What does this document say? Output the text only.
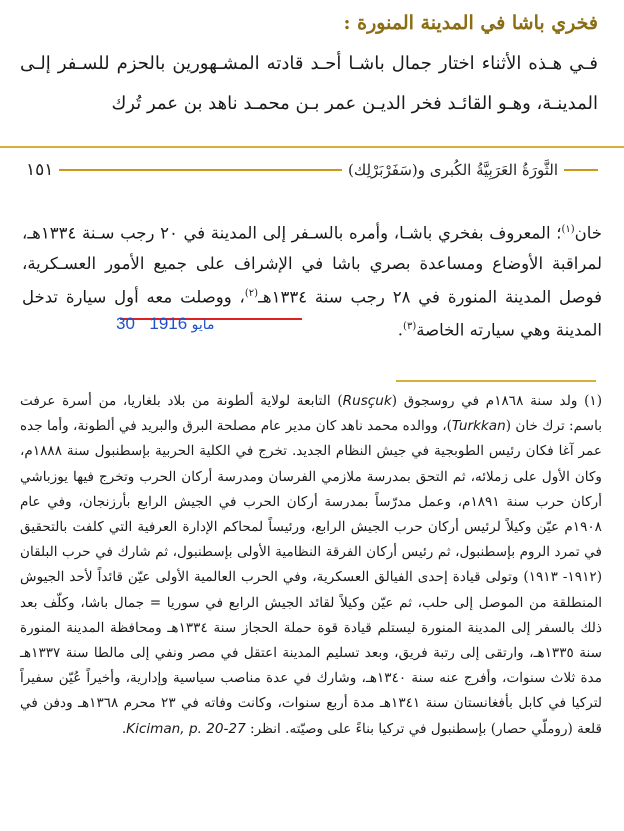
فخري باشا في المدينة المنورة :

فـي هـذه الأثناء اختار جمال باشـا أحـد قادته المشـهورين بالحزم للسـفر إلـى المدينـة، وهـو القائـد فخر الديـن عمر بـن محمـد ناهد بن عمر تُرك

الثَّورَةُ العَرَبِيَّةُ الكُبرى و(سَفَرْبَرْلِك)
١٥١

خان$^{(١)}$؛ المعروف بفخري باشـا، وأمره بالسـفر إلى المدينة في ٢٠ رجب سـنة ١٣٣٤هـ، لمراقبة الأوضاع ومساعدة بصري باشا في الإشراف على جميع الأمور العسـكرية، فوصل المدينة المنورة في ٢٨ رجب سنة ١٣٣٤هـ$^{(٢)}$، ووصلت معه أول سيارة تدخل المدينة وهي سيارته الخاصة$^{(٣)}$.

30	مايو 1916

(١) ولد سنة ١٨٦٨م في روسجوق (Rusçuk) التابعة لولاية ألطونة من بلاد بلغاريا، من أسرة عرفت باسم: ترك خان (Turkkan)، ووالده محمد ناهد كان مدير عام مصلحة البرق والبريد في ألطونة، وأما جده عمر آغا فكان رئيس الطوبجية في جيش النظام الجديد. تخرج في الكلية الحربية بإسطنبول سنة ١٨٨٨م، وكان الأول على زملائه، ثم التحق بمدرسة ملازمي الفرسان ومدرسة أركان الحرب وتخرج فيها يوزباشي أركان حرب سنة ١٨٩١م، وعمل مدرّساً بمدرسة أركان الحرب في الجيش الرابع بأرزنجان، وفي عام ١٩٠٨م عيّن وكيلاً لرئيس أركان حرب الجيش الرابع، ورئيساً لمحاكم الإدارة العرفية التي كلفت بالتحقيق في تمرد الروم بإسطنبول، ثم رئيس أركان الفرقة النظامية الأولى بإسطنبول، ثم شارك في حرب البلقان (١٩١٢- ١٩١٣) وتولى قيادة إحدى الفيالق العسكرية، وفي الحرب العالمية الأولى عيّن قائداً لأحد الجيوش المنطلقة من الموصل إلى حلب، ثم عيّن وكيلاً لقائد الجيش الرابع في سوريا = جمال باشا، وكلّف بعد ذلك بالسفر إلى المدينة المنورة ليستلم قيادة قوة حملة الحجاز سنة ١٣٣٤هـ ومحافظة المدينة المنورة سنة ١٣٣٥هـ، وارتقى إلى رتبة فريق، وبعد تسليم المدينة اعتقل في مصر ونفي إلى مالطا سنة ١٣٣٧هـ مدة ثلاث سنوات، وأفرج عنه سنة ١٣٤٠هـ، وشارك في عدة مناصب سياسية وإدارية، وأخيراً عُيّن سفيراً لتركيا في كابل بأفغانستان سنة ١٣٤١هـ مدة أربع سنوات، وكانت وفاته في ٢٣ محرم ١٣٦٨هـ ودفن في قلعة (روملّي حصار) بإسطنبول في تركيا بناءً على وصيّته. انظر: Kiciman, p. 20-27.
